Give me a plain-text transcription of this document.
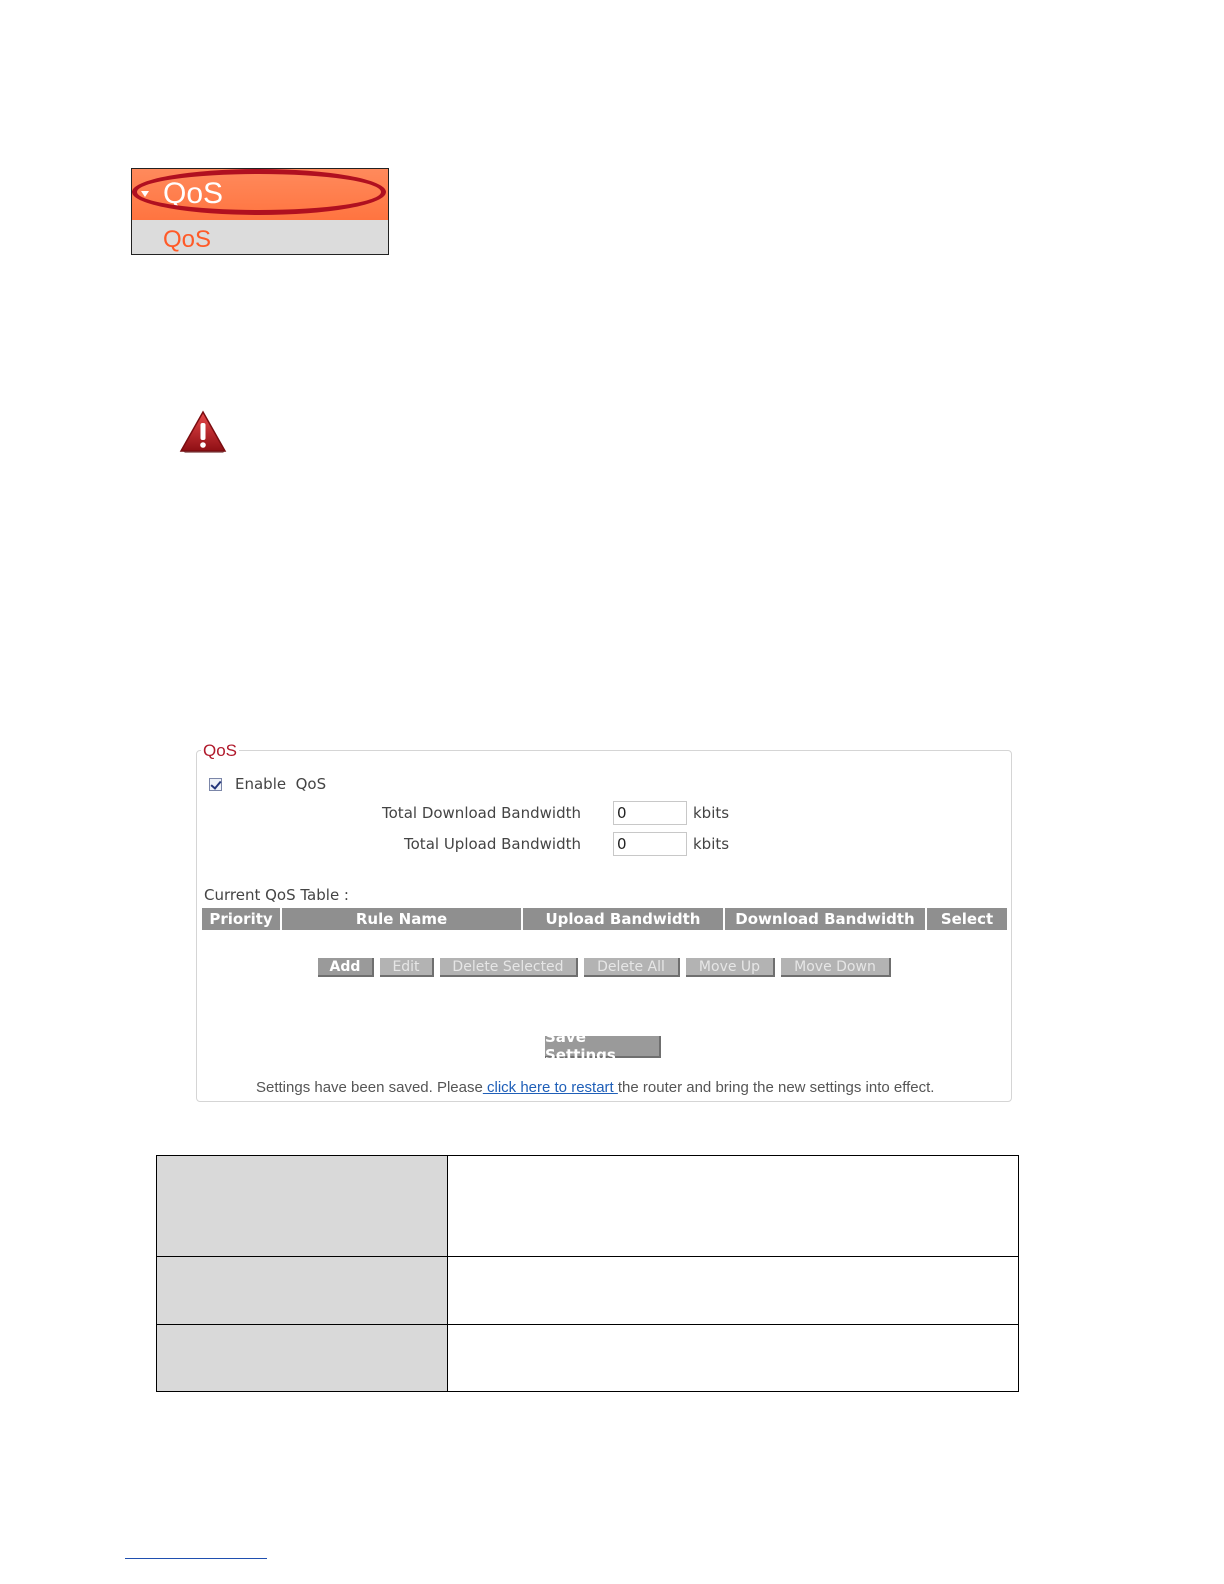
QoS
QoS
QoS
Enable  QoS
Total Download Bandwidth
0	kbits
Total Upload Bandwidth
0	kbits
Current QoS Table :
Priority	Rule Name	Upload Bandwidth	Download Bandwidth	Select
Add	Edit	Delete Selected	Delete All	Move Up	Move Down
Save Settings
Settings have been saved. Please click here to restart the router and bring the new settings into effect.
